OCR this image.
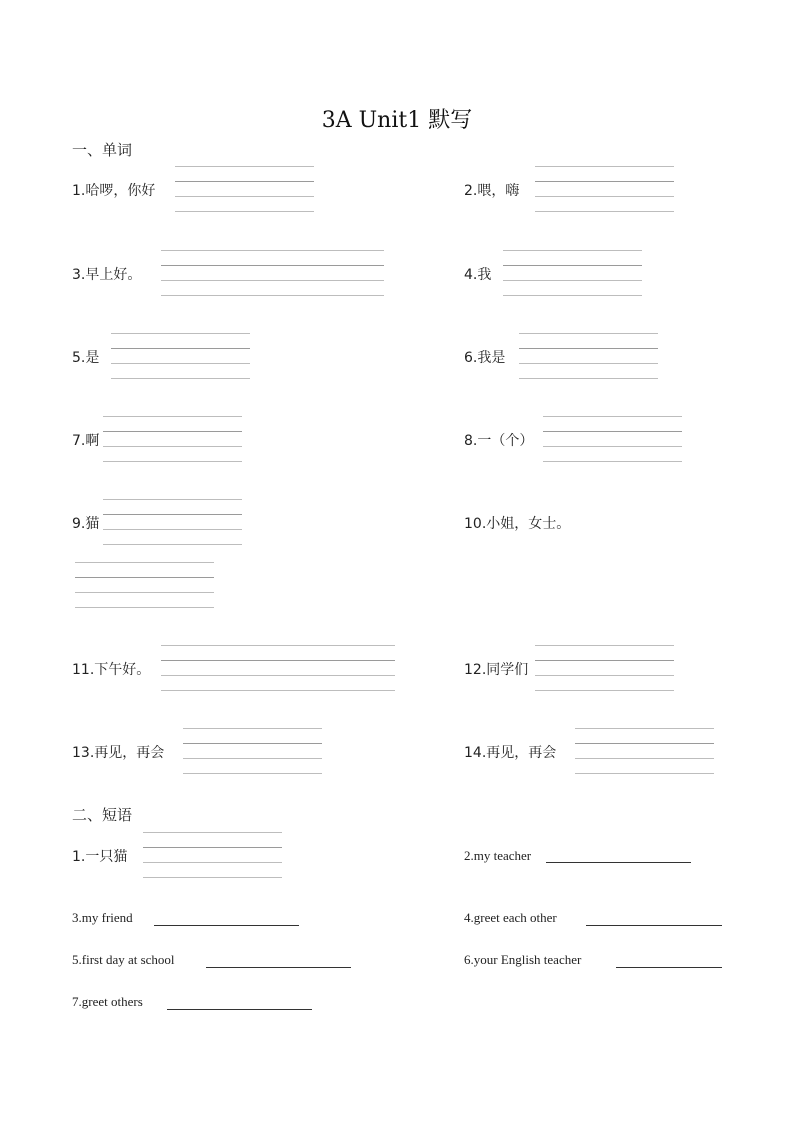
3A Unit1 默写
一、单词
1.哈啰，你好	2.喂，嗨
3.早上好。	4.我
5.是	6.我是
7.啊	8.一（个）
9.猫	10.小姐，女士。
11.下午好。	12.同学们
13.再见，再会	14.再见，再会
二、短语
1.一只猫	2.my teacher
3.my friend	4.greet each other
5.first day at school	6.your English teacher
7.greet others
